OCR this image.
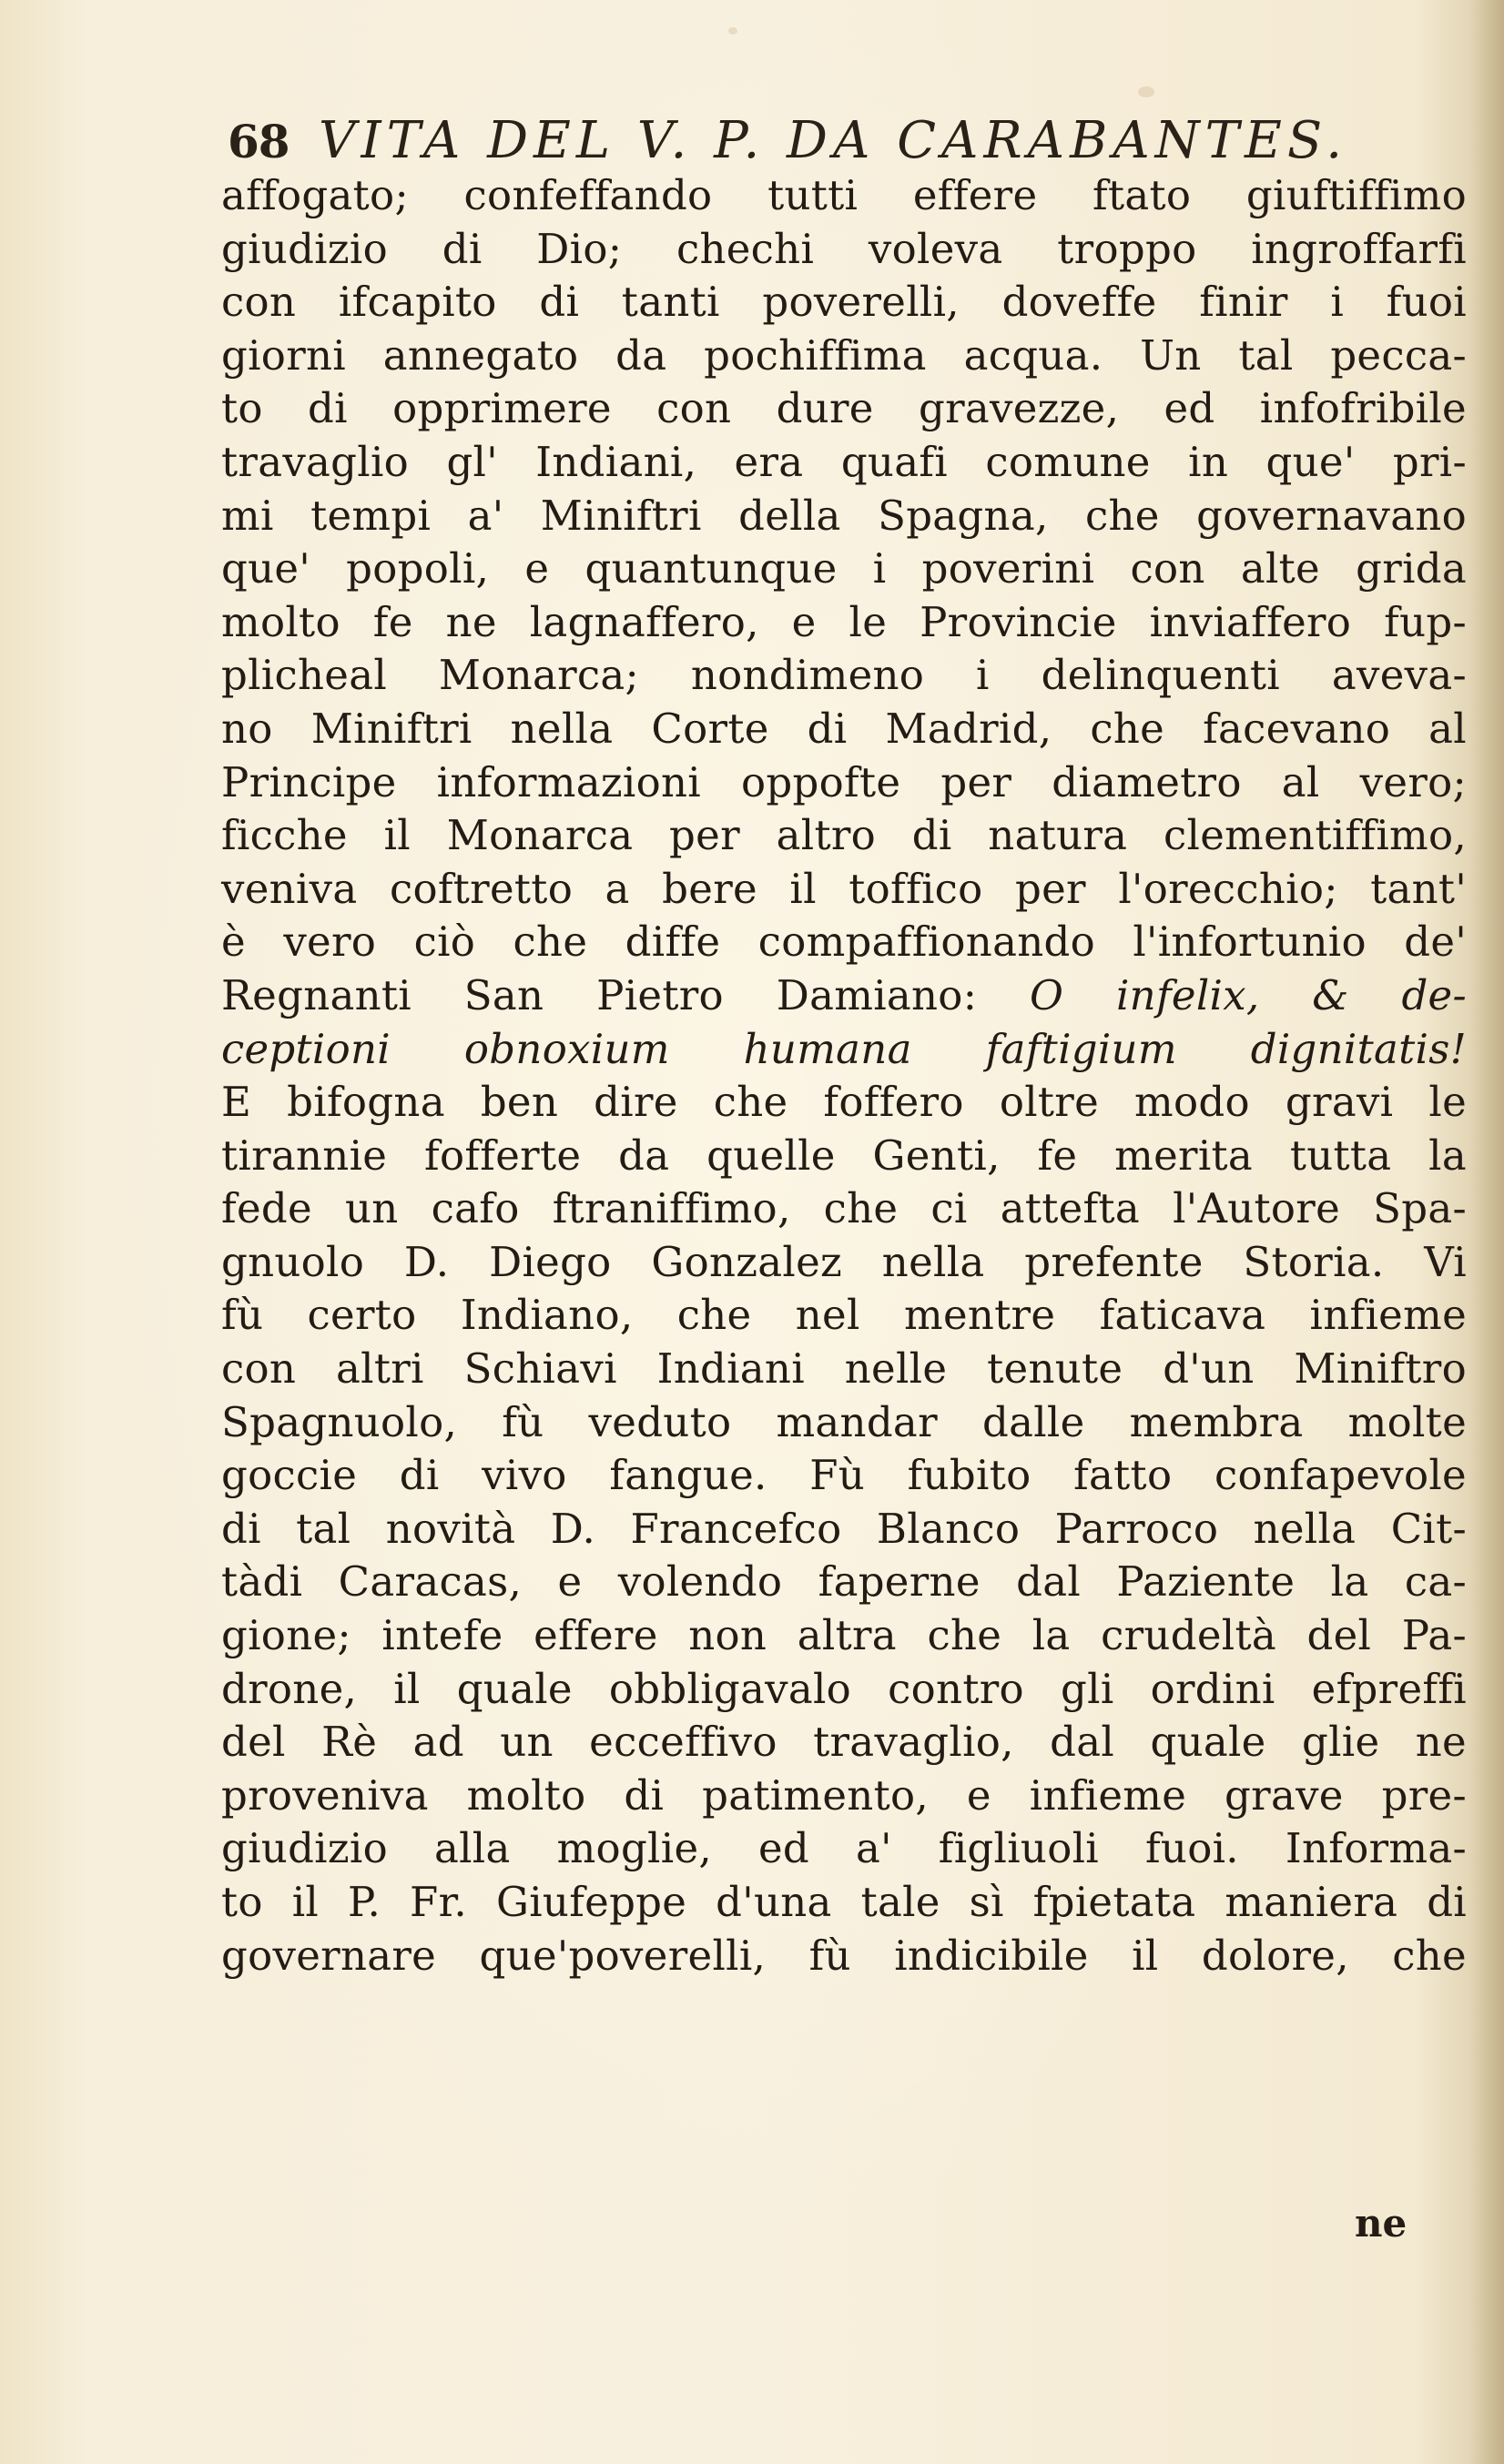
68 VITA DEL V. P. DA CARABANTES.
affogato; confeffando tutti effere ftato giuftiffimo
giudizio di Dio; chechi voleva troppo ingroffarfi
con ifcapito di tanti poverelli, doveffe finir i fuoi
giorni annegato da pochiffima acqua. Un tal pecca-
to di opprimere con dure gravezze, ed infofribile
travaglio gl' Indiani, era quafi comune in que' pri-
mi tempi a' Miniftri della Spagna, che governavano
que' popoli, e quantunque i poverini con alte grida
molto fe ne lagnaffero, e le Provincie inviaffero fup-
plicheal Monarca; nondimeno i delinquenti aveva-
no Miniftri nella Corte di Madrid, che facevano al
Principe informazioni oppofte per diametro al vero;
ficche il Monarca per altro di natura clementiffimo,
veniva coftretto a bere il toffico per l'orecchio; tant'
è vero ciò che diffe compaffionando l'infortunio de'
Regnanti San Pietro Damiano: O infelix, & de-
ceptioni obnoxium humana faftigium dignitatis!
E bifogna ben dire che foffero oltre modo gravi le
tirannie fofferte da quelle Genti, fe merita tutta la
fede un cafo ftraniffimo, che ci attefta l'Autore Spa-
gnuolo D. Diego Gonzalez nella prefente Storia. Vi
fù certo Indiano, che nel mentre faticava infieme
con altri Schiavi Indiani nelle tenute d'un Miniftro
Spagnuolo, fù veduto mandar dalle membra molte
goccie di vivo fangue. Fù fubito fatto confapevole
di tal novità D. Francefco Blanco Parroco nella Cit-
tàdi Caracas, e volendo faperne dal Paziente la ca-
gione; intefe effere non altra che la crudeltà del Pa-
drone, il quale obbligavalo contro gli ordini efpreffi
del Rè ad un ecceffivo travaglio, dal quale glie ne
proveniva molto di patimento, e infieme grave pre-
giudizio alla moglie, ed a' figliuoli fuoi. Informa-
to il P. Fr. Giufeppe d'una tale sì fpietata maniera di
governare que'poverelli, fù indicibile il dolore, che
ne
